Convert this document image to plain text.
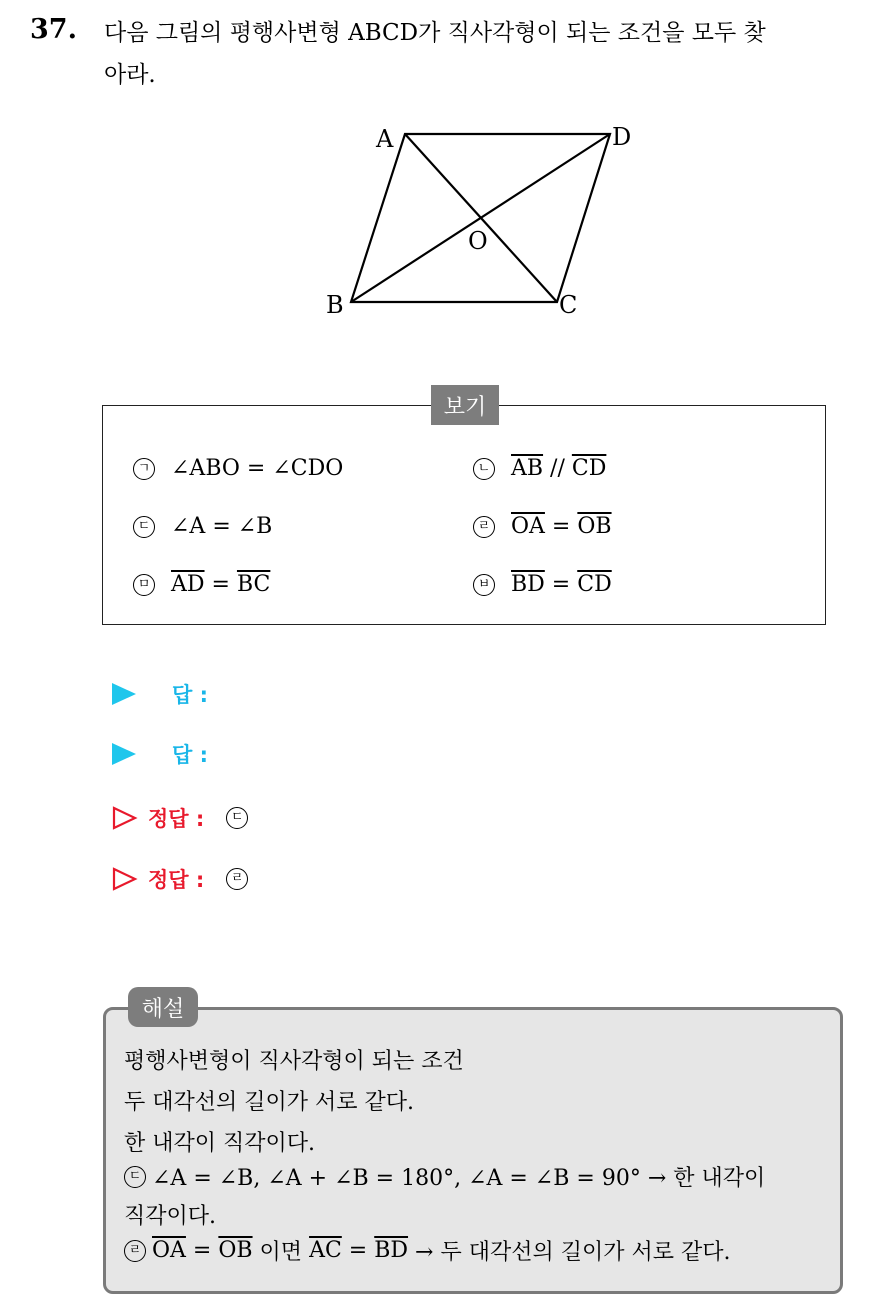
37. 다음 그림의 평행사변형 ABCD가 직사각형이 되는 조건을 모두 찾
아라.
A	D
O
B	C
보기
ㄱ ∠ABO = ∠CDO	ㄴ $\overline{AB} // \overline{CD}$
ㄷ ∠A = ∠B	ㄹ $\overline{OA} = \overline{OB}$
ㅁ $\overline{AD} = \overline{BC}$	ㅂ $\overline{BD} = \overline{CD}$
답 :
답 :
정답 :	ㄷ
정답 :	ㄹ
해설
평행사변형이 직사각형이 되는 조건
두 대각선의 길이가 서로 같다.
한 내각이 직각이다.
ㄷ ∠A = ∠B, ∠A + ∠B = 180°, ∠A = ∠B = 90° → 한 내각이
직각이다.
ㄹ $\overline{OA} = \overline{OB}$ 이면 $\overline{AC} = \overline{BD}$ → 두 대각선의 길이가 서로 같다.
